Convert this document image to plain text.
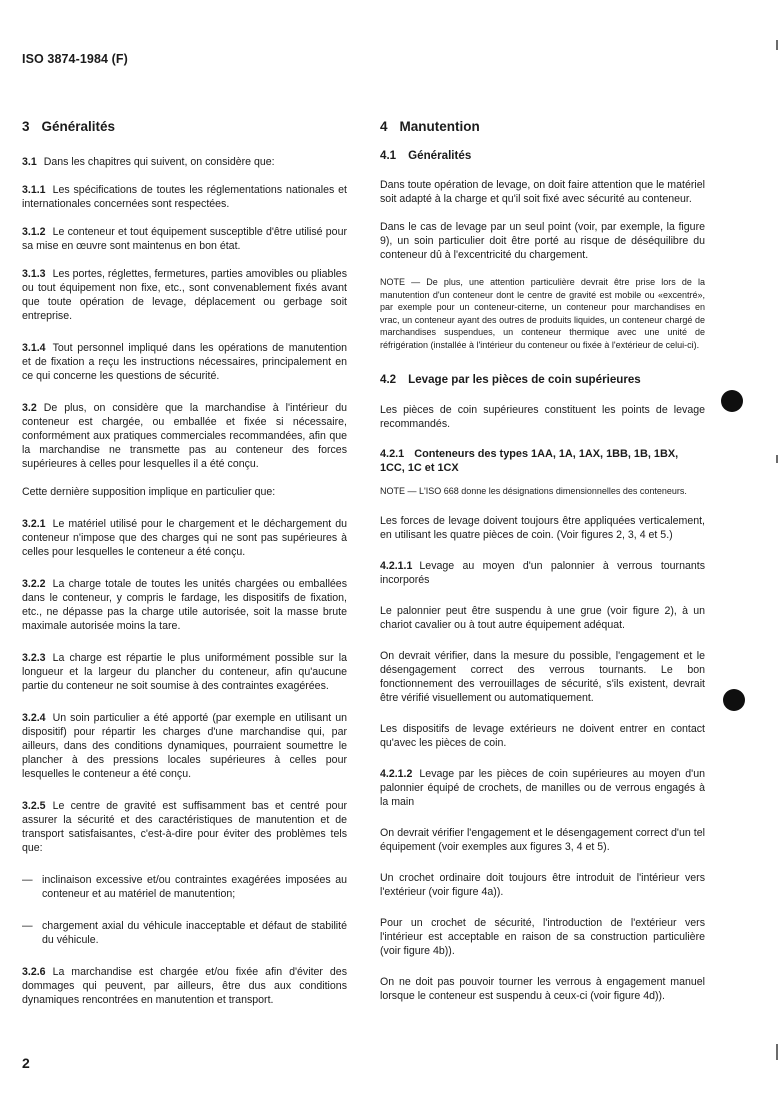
ISO 3874-1984 (F)
3 Généralités

3.1 Dans les chapitres qui suivent, on considère que:

3.1.1 Les spécifications de toutes les réglementations nationales et internationales concernées sont respectées.

3.1.2 Le conteneur et tout équipement susceptible d'être utilisé pour sa mise en œuvre sont maintenus en bon état.

3.1.3 Les portes, réglettes, fermetures, parties amovibles ou pliables ou tout équipement non fixe, etc., sont convenablement fixés avant que toute opération de levage, déplacement ou gerbage soit entreprise.

3.1.4 Tout personnel impliqué dans les opérations de manutention et de fixation a reçu les instructions nécessaires, principalement en ce qui concerne les questions de sécurité.

3.2 De plus, on considère que la marchandise à l'intérieur du conteneur est chargée, ou emballée et fixée si nécessaire, conformément aux pratiques commerciales recommandées, afin que la marchandise ne transmette pas au conteneur des forces supérieures à celles pour lesquelles il a été conçu.

Cette dernière supposition implique en particulier que:

3.2.1 Le matériel utilisé pour le chargement et le déchargement du conteneur n'impose que des charges qui ne sont pas supérieures à celles pour lesquelles le conteneur a été conçu.

3.2.2 La charge totale de toutes les unités chargées ou emballées dans le conteneur, y compris le fardage, les dispositifs de fixation, etc., ne dépasse pas la charge utile autorisée, soit la masse brute maximale autorisée moins la tare.

3.2.3 La charge est répartie le plus uniformément possible sur la longueur et la largeur du plancher du conteneur, afin qu'aucune partie du conteneur ne soit soumise à des contraintes exagérées.

3.2.4 Un soin particulier a été apporté (par exemple en utilisant un dispositif) pour répartir les charges d'une marchandise qui, par ailleurs, dans des conditions dynamiques, pourraient soumettre le plancher à des pressions locales supérieures à celles pour lesquelles le conteneur a été conçu.

3.2.5 Le centre de gravité est suffisamment bas et centré pour assurer la sécurité et des caractéristiques de manutention et de transport satisfaisantes, c'est-à-dire pour éviter des problèmes tels que:

— inclinaison excessive et/ou contraintes exagérées imposées au conteneur et au matériel de manutention;

— chargement axial du véhicule inacceptable et défaut de stabilité du véhicule.

3.2.6 La marchandise est chargée et/ou fixée afin d'éviter des dommages qui peuvent, par ailleurs, être dus aux conditions dynamiques rencontrées en manutention et transport.

4 Manutention
4.1 Généralités

Dans toute opération de levage, on doit faire attention que le matériel soit adapté à la charge et qu'il soit fixé avec sécurité au conteneur.

Dans le cas de levage par un seul point (voir, par exemple, la figure 9), un soin particulier doit être porté au risque de déséquilibre du conteneur dû à l'excentricité du chargement.

NOTE — De plus, une attention particulière devrait être prise lors de la manutention d'un conteneur dont le centre de gravité est mobile ou «excentré», par exemple pour un conteneur-citerne, un conteneur pour marchandises en vrac, un conteneur ayant des outres de produits liquides, un conteneur chargé de marchandises suspendues, un conteneur thermique avec une unité de réfrigération (installée à l'intérieur du conteneur ou fixée à l'extérieur de celui-ci).

4.2 Levage par les pièces de coin supérieures

Les pièces de coin supérieures constituent les points de levage recommandés.

4.2.1 Conteneurs des types 1AA, 1A, 1AX, 1BB, 1B, 1BX, 1CC, 1C et 1CX

NOTE — L'ISO 668 donne les désignations dimensionnelles des conteneurs.

Les forces de levage doivent toujours être appliquées verticalement, en utilisant les quatre pièces de coin. (Voir figures 2, 3, 4 et 5.)

4.2.1.1 Levage au moyen d'un palonnier à verrous tournants incorporés

Le palonnier peut être suspendu à une grue (voir figure 2), à un chariot cavalier ou à tout autre équipement adéquat.

On devrait vérifier, dans la mesure du possible, l'engagement et le désengagement correct des verrous tournants. Le bon fonctionnement des verrouillages de sécurité, s'ils existent, devrait être vérifié visuellement ou automatiquement.

Les dispositifs de levage extérieurs ne doivent entrer en contact qu'avec les pièces de coin.

4.2.1.2 Levage par les pièces de coin supérieures au moyen d'un palonnier équipé de crochets, de manilles ou de verrous engagés à la main

On devrait vérifier l'engagement et le désengagement correct d'un tel équipement (voir exemples aux figures 3, 4 et 5).

Un crochet ordinaire doit toujours être introduit de l'intérieur vers l'extérieur (voir figure 4a)).

Pour un crochet de sécurité, l'introduction de l'extérieur vers l'intérieur est acceptable en raison de sa construction particulière (voir figure 4b)).

On ne doit pas pouvoir tourner les verrous à engagement manuel lorsque le conteneur est suspendu à ceux-ci (voir figure 4d)).

2
